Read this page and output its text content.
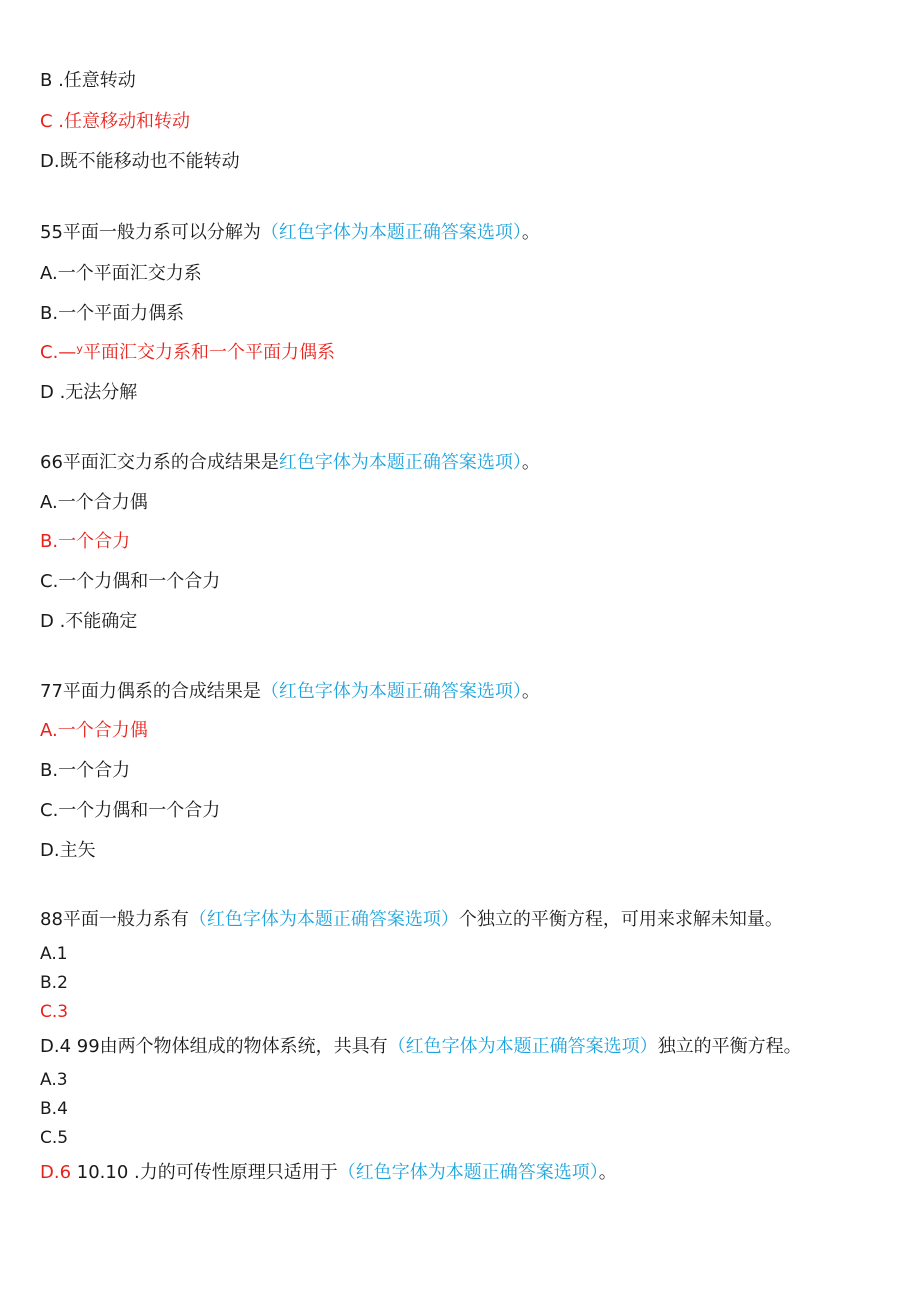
B .任意转动
C .任意移动和转动
D.既不能移动也不能转动
55平面一般力系可以分解为（红色字体为本题正确答案选项）。
A.一个平面汇交力系
B.一个平面力偶系
C.—ʸ平面汇交力系和一个平面力偶系
D .无法分解
66平面汇交力系的合成结果是红色字体为本题正确答案选项）。
A.一个合力偶
B.一个合力
C.一个力偶和一个合力
D .不能确定
77平面力偶系的合成结果是（红色字体为本题正确答案选项）。
A.一个合力偶
B.一个合力
C.一个力偶和一个合力
D.主矢
88平面一般力系有（红色字体为本题正确答案选项）个独立的平衡方程，可用来求解未知量。
A.1
B.2
C.3
D.4 99由两个物体组成的物体系统，共具有（红色字体为本题正确答案选项）独立的平衡方程。
A.3
B.4
C.5
D.6 10.10 .力的可传性原理只适用于（红色字体为本题正确答案选项）。
